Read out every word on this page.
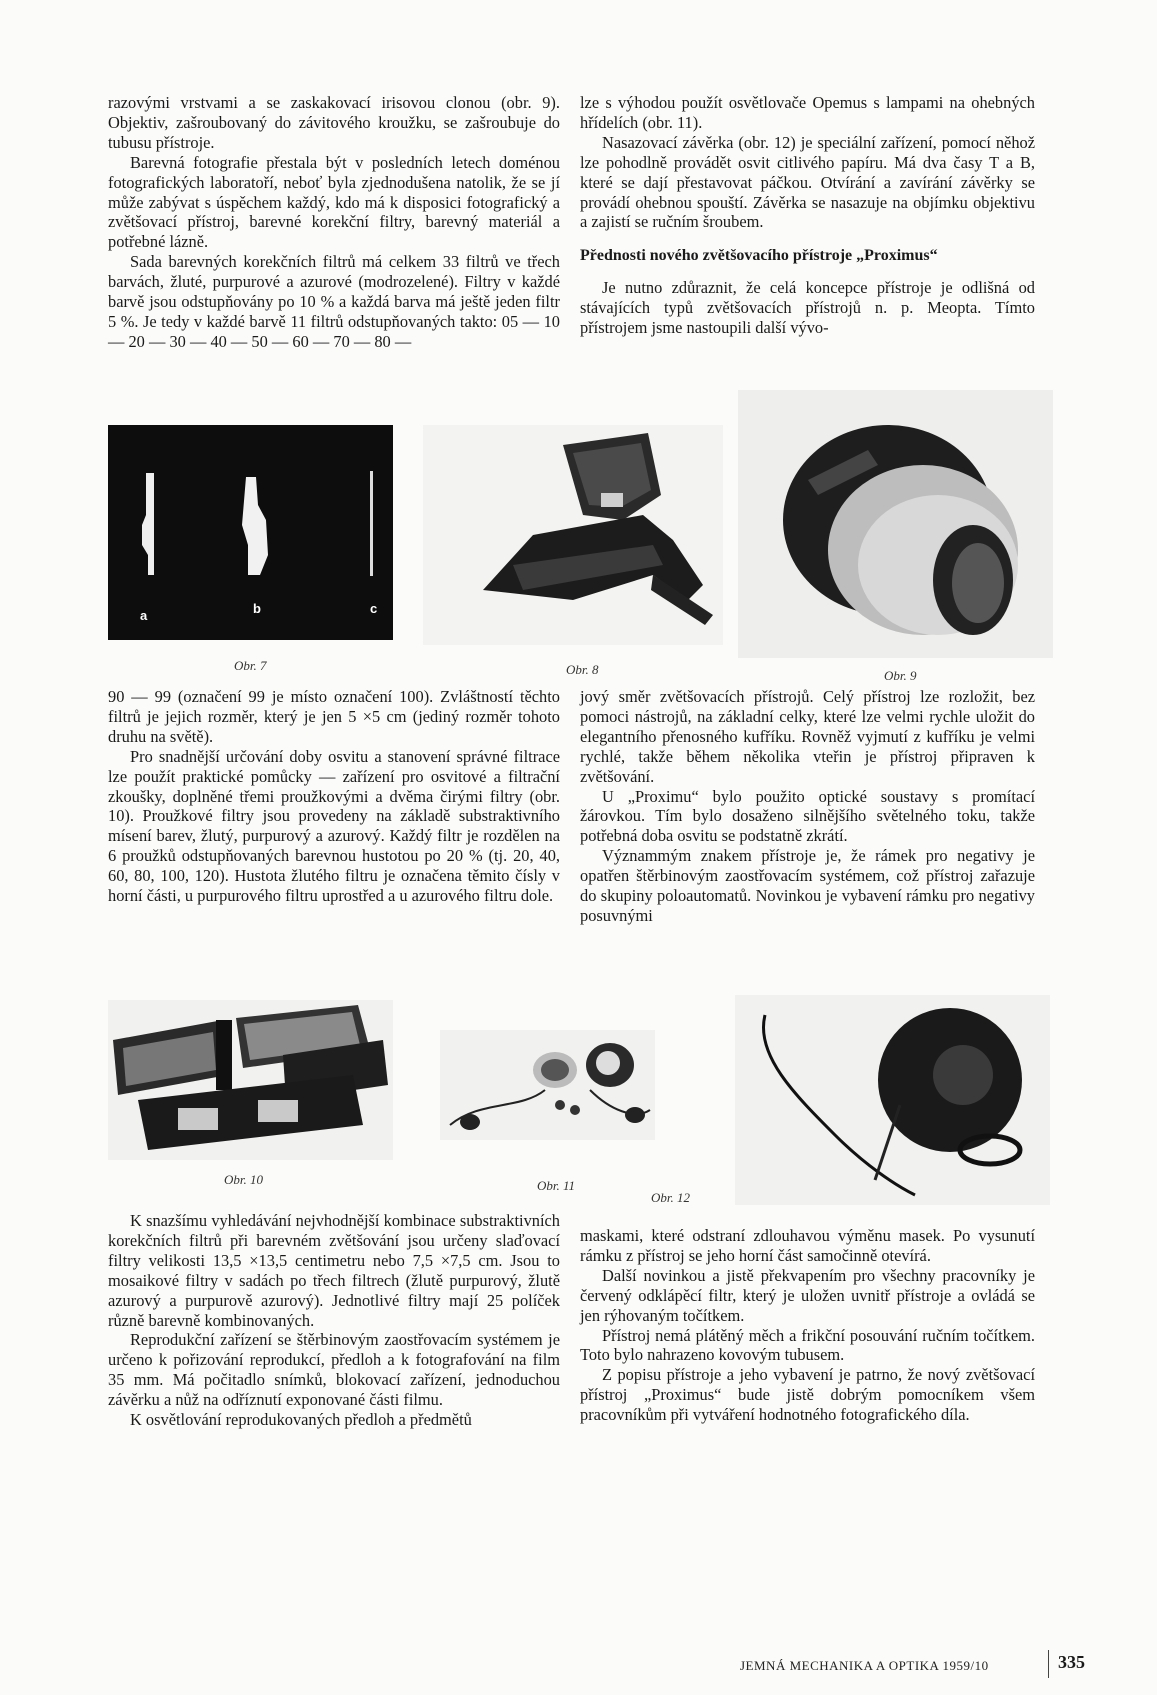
razovými vrstvami a se zaskakovací irisovou clonou (obr. 9). Objektiv, zašroubovaný do závitového kroužku, se zašroubuje do tubusu přístroje.

Barevná fotografie přestala být v posledních letech doménou fotografických laboratoří, neboť byla zjednodušena natolik, že se jí může zabývat s úspěchem každý, kdo má k disposici fotografický a zvětšovací přístroj, barevné korekční filtry, barevný materiál a potřebné lázně.

Sada barevných korekčních filtrů má celkem 33 filtrů ve třech barvách, žluté, purpurové a azurové (modrozelené). Filtry v každé barvě jsou odstupňovány po 10 % a každá barva má ještě jeden filtr 5 %. Je tedy v každé barvě 11 filtrů odstupňovaných takto: 05 — 10 — 20 — 30 — 40 — 50 — 60 — 70 — 80 —

lze s výhodou použít osvětlovače Opemus s lampami na ohebných hřídelích (obr. 11).

Nasazovací závěrka (obr. 12) je speciální zařízení, pomocí něhož lze pohodlně provádět osvit citlivého papíru. Má dva časy T a B, které se dají přestavovat páčkou. Otvírání a zavírání závěrky se provádí ohebnou spouští. Závěrka se nasazuje na objímku objektivu a zajistí se ručním šroubem.

Přednosti nového zvětšovacího přístroje „Proximus“

Je nutno zdůraznit, že celá koncepce přístroje je odlišná od stávajících typů zvětšovacích přístrojů n. p. Meopta. Tímto přístrojem jsme nastoupili další vývo-

a	b	c
Obr. 7	Obr. 8	Obr. 9

90 — 99 (označení 99 je místo označení 100). Zvláštností těchto filtrů je jejich rozměr, který je jen 5 ×5 cm (jediný rozměr tohoto druhu na světě).

Pro snadnější určování doby osvitu a stanovení správné filtrace lze použít praktické pomůcky — zařízení pro osvitové a filtrační zkoušky, doplněné třemi proužkovými a dvěma čirými filtry (obr. 10). Proužkové filtry jsou provedeny na základě substraktivního mísení barev, žlutý, purpurový a azurový. Každý filtr je rozdělen na 6 proužků odstupňovaných barevnou hustotou po 20 % (tj. 20, 40, 60, 80, 100, 120). Hustota žlutého filtru je označena těmito čísly v horní části, u purpurového filtru uprostřed a u azurového filtru dole.

jový směr zvětšovacích přístrojů. Celý přístroj lze rozložit, bez pomoci nástrojů, na základní celky, které lze velmi rychle uložit do elegantního přenosného kufříku. Rovněž vyjmutí z kufříku je velmi rychlé, takže během několika vteřin je přístroj připraven k zvětšování.

U „Proximu“ bylo použito optické soustavy s promítací žárovkou. Tím bylo dosaženo silnějšího světelného toku, takže potřebná doba osvitu se podstatně zkrátí.

Význammým znakem přístroje je, že rámek pro negativy je opatřen štěrbinovým zaostřovacím systémem, což přístroj zařazuje do skupiny poloautomatů. Novinkou je vybavení rámku pro negativy posuvnými

Obr. 10	Obr. 11
Obr. 12

K snazšímu vyhledávání nejvhodnější kombinace substraktivních korekčních filtrů při barevném zvětšování jsou určeny slaďovací filtry velikosti 13,5 ×13,5 centimetru nebo 7,5 ×7,5 cm. Jsou to mosaikové filtry v sadách po třech filtrech (žlutě purpurový, žlutě azurový a purpurově azurový). Jednotlivé filtry mají 25 políček různě barevně kombinovaných.

Reprodukční zařízení se štěrbinovým zaostřovacím systémem je určeno k pořizování reprodukcí, předloh a k fotografování na film 35 mm. Má počitadlo snímků, blokovací zařízení, jednoduchou závěrku a nůž na odříznutí exponované části filmu.

K osvětlování reprodukovaných předloh a předmětů

maskami, které odstraní zdlouhavou výměnu masek. Po vysunutí rámku z přístroj se jeho horní část samočinně otevírá.

Další novinkou a jistě překvapením pro všechny pracovníky je červený odklápěcí filtr, který je uložen uvnitř přístroje a ovládá se jen rýhovaným točítkem.

Přístroj nemá plátěný měch a frikční posouvání ručním točítkem. Toto bylo nahrazeno kovovým tubusem.

Z popisu přístroje a jeho vybavení je patrno, že nový zvětšovací přístroj „Proximus“ bude jistě dobrým pomocníkem všem pracovníkům při vytváření hodnotného fotografického díla.

JEMNÁ MECHANIKA A OPTIKA 1959/10	335
